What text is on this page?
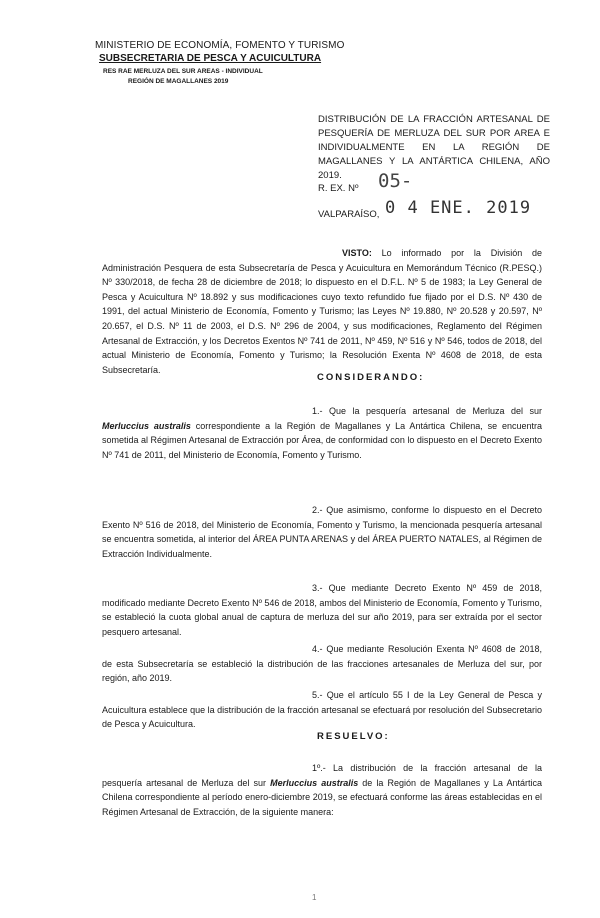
MINISTERIO DE ECONOMÍA, FOMENTO Y TURISMO
SUBSECRETARIA DE PESCA Y ACUICULTURA
RES RAE MERLUZA DEL SUR AREAS - INDIVIDUAL
REGIÓN DE MAGALLANES 2019
DISTRIBUCIÓN DE LA FRACCIÓN ARTESANAL DE PESQUERÍA DE MERLUZA DEL SUR POR AREA E INDIVIDUALMENTE EN LA REGIÓN DE MAGALLANES Y LA ANTÁRTICA CHILENA, AÑO 2019.
R. EX. Nº 05-
VALPARAÍSO, 0 4 ENE. 2019
VISTO: Lo informado por la División de Administración Pesquera de esta Subsecretaría de Pesca y Acuicultura en Memorándum Técnico (R.PESQ.) Nº 330/2018, de fecha 28 de diciembre de 2018; lo dispuesto en el D.F.L. Nº 5 de 1983; la Ley General de Pesca y Acuicultura Nº 18.892 y sus modificaciones cuyo texto refundido fue fijado por el D.S. Nº 430 de 1991, del actual Ministerio de Economía, Fomento y Turismo; las Leyes Nº 19.880, Nº 20.528 y 20.597, Nº 20.657, el D.S. Nº 11 de 2003, el D.S. Nº 296 de 2004, y sus modificaciones, Reglamento del Régimen Artesanal de Extracción, y los Decretos Exentos Nº 741 de 2011, Nº 459, Nº 516 y Nº 546, todos de 2018, del actual Ministerio de Economía, Fomento y Turismo; la Resolución Exenta Nº 4608 de 2018, de esta Subsecretaría.
CONSIDERANDO:
1.- Que la pesquería artesanal de Merluza del sur Merluccius australis correspondiente a la Región de Magallanes y La Antártica Chilena, se encuentra sometida al Régimen Artesanal de Extracción por Área, de conformidad con lo dispuesto en el Decreto Exento Nº 741 de 2011, del Ministerio de Economía, Fomento y Turismo.
2.- Que asimismo, conforme lo dispuesto en el Decreto Exento Nº 516 de 2018, del Ministerio de Economía, Fomento y Turismo, la mencionada pesquería artesanal se encuentra sometida, al interior del ÁREA PUNTA ARENAS y del ÁREA PUERTO NATALES, al Régimen de Extracción Individualmente.
3.- Que mediante Decreto Exento Nº 459 de 2018, modificado mediante Decreto Exento Nº 546 de 2018, ambos del Ministerio de Economía, Fomento y Turismo, se estableció la cuota global anual de captura de merluza del sur año 2019, para ser extraída por el sector pesquero artesanal.
4.- Que mediante Resolución Exenta Nº 4608 de 2018, de esta Subsecretaría se estableció la distribución de las fracciones artesanales de Merluza del sur, por región, año 2019.
5.- Que el artículo 55 I de la Ley General de Pesca y Acuicultura establece que la distribución de la fracción artesanal se efectuará por resolución del Subsecretario de Pesca y Acuicultura.
RESUELVO:
1º.- La distribución de la fracción artesanal de la pesquería artesanal de Merluza del sur Merluccius australis de la Región de Magallanes y La Antártica Chilena correspondiente al período enero-diciembre 2019, se efectuará conforme las áreas establecidas en el Régimen Artesanal de Extracción, de la siguiente manera:
1
